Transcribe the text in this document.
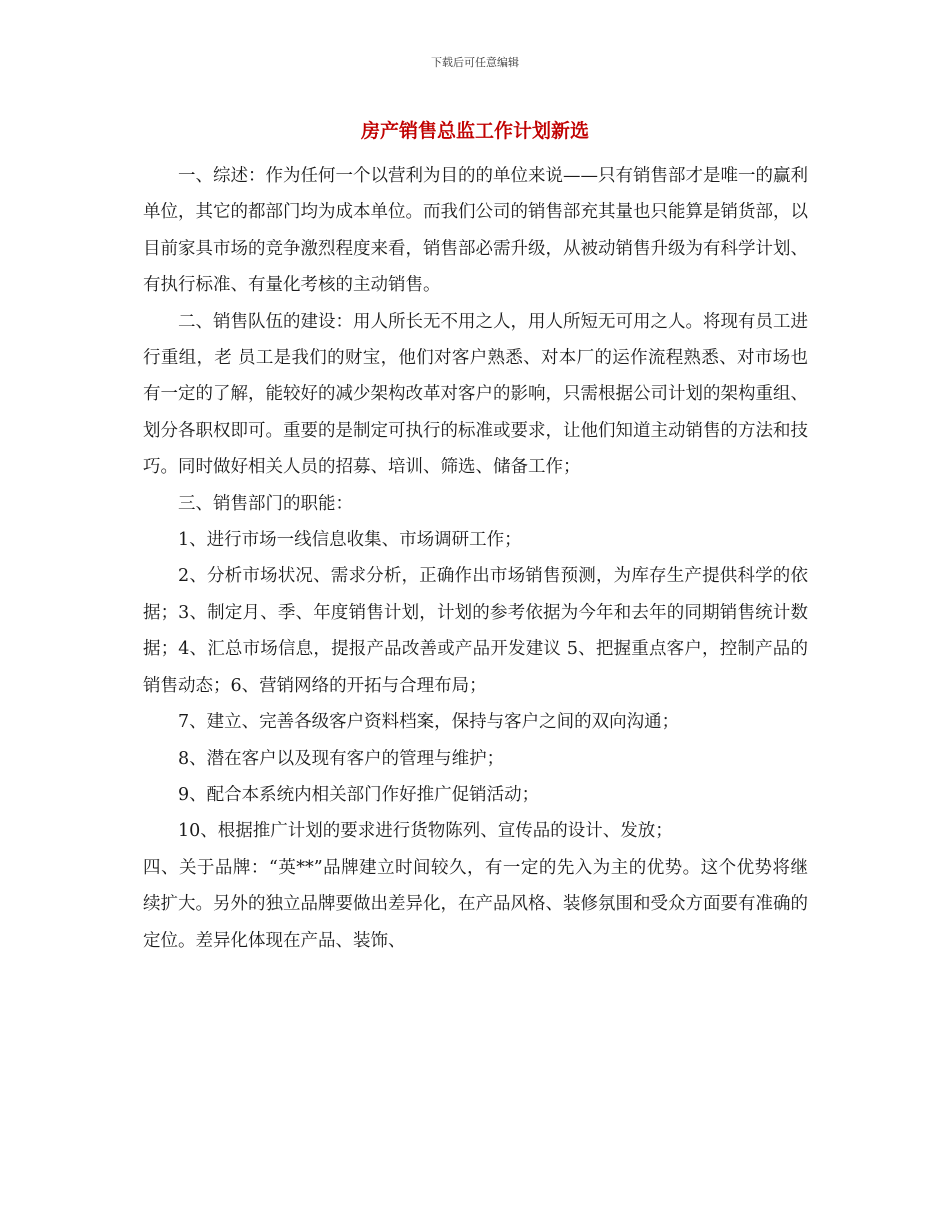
下载后可任意编辑
房产销售总监工作计划新选

一、综述：作为任何一个以营利为目的的单位来说——只有销售部才是唯一的赢利单位，其它的都部门均为成本单位。而我们公司的销售部充其量也只能算是销货部，以目前家具市场的竞争激烈程度来看，销售部必需升级，从被动销售升级为有科学计划、有执行标准、有量化考核的主动销售。

二、销售队伍的建设：用人所长无不用之人，用人所短无可用之人。将现有员工进行重组，老 员工是我们的财宝，他们对客户熟悉、对本厂的运作流程熟悉、对市场也有一定的了解，能较好的减少架构改革对客户的影响，只需根据公司计划的架构重组、划分各职权即可。重要的是制定可执行的标准或要求，让他们知道主动销售的方法和技巧。同时做好相关人员的招募、培训、筛选、储备工作；

三、销售部门的职能：

1、进行市场一线信息收集、市场调研工作；

2、分析市场状况、需求分析，正确作出市场销售预测，为库存生产提供科学的依据；3、制定月、季、年度销售计划，计划的参考依据为今年和去年的同期销售统计数据；4、汇总市场信息，提报产品改善或产品开发建议 5、把握重点客户，控制产品的销售动态；6、营销网络的开拓与合理布局；

7、建立、完善各级客户资料档案，保持与客户之间的双向沟通；

8、潜在客户以及现有客户的管理与维护；

9、配合本系统内相关部门作好推广促销活动；

10、根据推广计划的要求进行货物陈列、宣传品的设计、发放；

四、关于品牌：“英**”品牌建立时间较久，有一定的先入为主的优势。这个优势将继续扩大。另外的独立品牌要做出差异化，在产品风格、装修氛围和受众方面要有准确的定位。差异化体现在产品、装饰、
